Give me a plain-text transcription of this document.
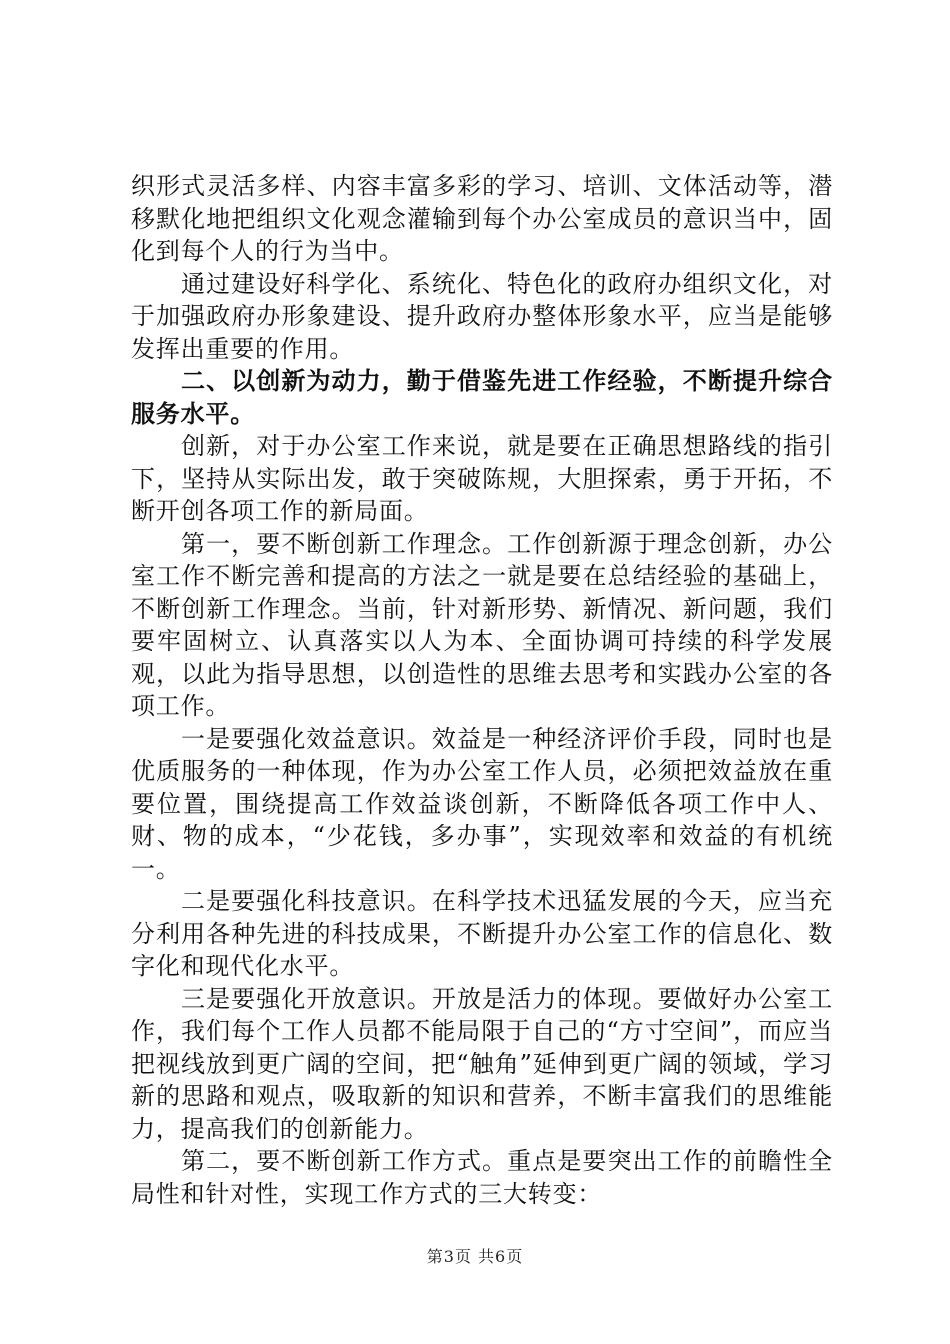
织形式灵活多样、内容丰富多彩的学习、培训、文体活动等，潜移默化地把组织文化观念灌输到每个办公室成员的意识当中，固化到每个人的行为当中。

通过建设好科学化、系统化、特色化的政府办组织文化，对于加强政府办形象建设、提升政府办整体形象水平，应当是能够发挥出重要的作用。

二、以创新为动力，勤于借鉴先进工作经验，不断提升综合服务水平。

创新，对于办公室工作来说，就是要在正确思想路线的指引下，坚持从实际出发，敢于突破陈规，大胆探索，勇于开拓，不断开创各项工作的新局面。

第一，要不断创新工作理念。工作创新源于理念创新，办公室工作不断完善和提高的方法之一就是要在总结经验的基础上，不断创新工作理念。当前，针对新形势、新情况、新问题，我们要牢固树立、认真落实以人为本、全面协调可持续的科学发展观，以此为指导思想，以创造性的思维去思考和实践办公室的各项工作。

一是要强化效益意识。效益是一种经济评价手段，同时也是优质服务的一种体现，作为办公室工作人员，必须把效益放在重要位置，围绕提高工作效益谈创新，不断降低各项工作中人、财、物的成本，“少花钱，多办事”，实现效率和效益的有机统一。

二是要强化科技意识。在科学技术迅猛发展的今天，应当充分利用各种先进的科技成果，不断提升办公室工作的信息化、数字化和现代化水平。

三是要强化开放意识。开放是活力的体现。要做好办公室工作，我们每个工作人员都不能局限于自己的“方寸空间”，而应当把视线放到更广阔的空间，把“触角”延伸到更广阔的领域，学习新的思路和观点，吸取新的知识和营养，不断丰富我们的思维能力，提高我们的创新能力。

第二，要不断创新工作方式。重点是要突出工作的前瞻性全局性和针对性，实现工作方式的三大转变：

第3页 共6页
